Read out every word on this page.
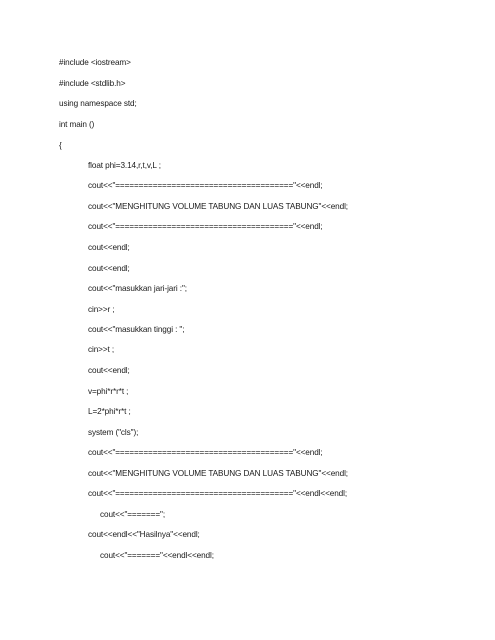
#include <iostream>
#include <stdlib.h>
using namespace std;
int main ()
{
float phi=3.14,r,t,v,L ;
cout<<"======================================"<<endl;
cout<<"MENGHITUNG VOLUME TABUNG DAN LUAS TABUNG"<<endl;
cout<<"======================================"<<endl;
cout<<endl;
cout<<endl;
cout<<"masukkan jari-jari :";
cin>>r ;
cout<<"masukkan tinggi : ";
cin>>t ;
cout<<endl;
v=phi*r*r*t ;
L=2*phi*r*t ;
system ("cls");
cout<<"======================================"<<endl;
cout<<"MENGHITUNG VOLUME TABUNG DAN LUAS TABUNG"<<endl;
cout<<"======================================"<<endl<<endl;
cout<<"=======";
cout<<endl<<"Hasilnya"<<endl;
cout<<"======="<<endl<<endl;
